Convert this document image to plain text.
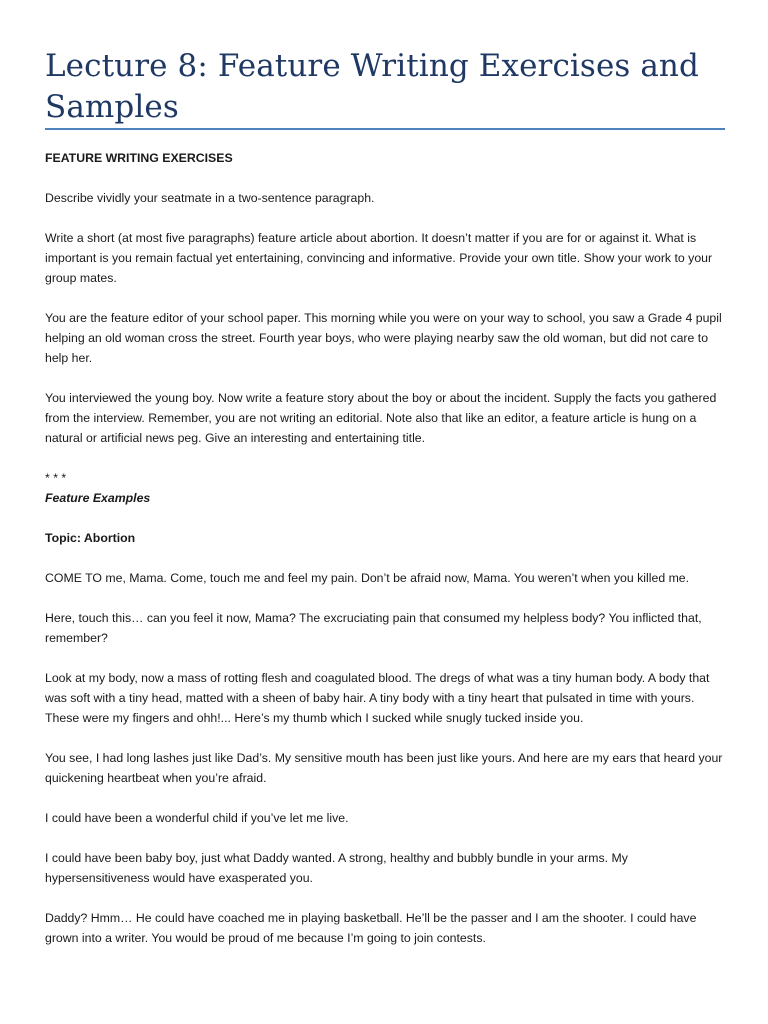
Lecture 8: Feature Writing Exercises and Samples

FEATURE WRITING EXERCISES

Describe vividly your seatmate in a two-sentence paragraph.

Write a short (at most five paragraphs) feature article about abortion. It doesn’t matter if you are for or against it. What is important is you remain factual yet entertaining, convincing and informative. Provide your own title. Show your work to your group mates.

You are the feature editor of your school paper. This morning while you were on your way to school, you saw a Grade 4 pupil helping an old woman cross the street. Fourth year boys, who were playing nearby saw the old woman, but did not care to help her.

You interviewed the young boy. Now write a feature story about the boy or about the incident. Supply the facts you gathered from the interview. Remember, you are not writing an editorial. Note also that like an editor, a feature article is hung on a natural or artificial news peg. Give an interesting and entertaining title.

* * *

Feature Examples

Topic: Abortion

COME TO me, Mama. Come, touch me and feel my pain. Don’t be afraid now, Mama. You weren’t when you killed me.

Here, touch this… can you feel it now, Mama? The excruciating pain that consumed my helpless body? You inflicted that, remember?

Look at my body, now a mass of rotting flesh and coagulated blood. The dregs of what was a tiny human body. A body that was soft with a tiny head, matted with a sheen of baby hair. A tiny body with a tiny heart that pulsated in time with yours. These were my fingers and ohh!... Here’s my thumb which I sucked while snugly tucked inside you.

You see, I had long lashes just like Dad’s. My sensitive mouth has been just like yours. And here are my ears that heard your quickening heartbeat when you’re afraid.

I could have been a wonderful child if you’ve let me live.

I could have been baby boy, just what Daddy wanted. A strong, healthy and bubbly bundle in your arms. My hypersensitiveness would have exasperated you.

Daddy? Hmm… He could have coached me in playing basketball. He’ll be the passer and I am the shooter. I could have grown into a writer. You would be proud of me because I’m going to join contests.
